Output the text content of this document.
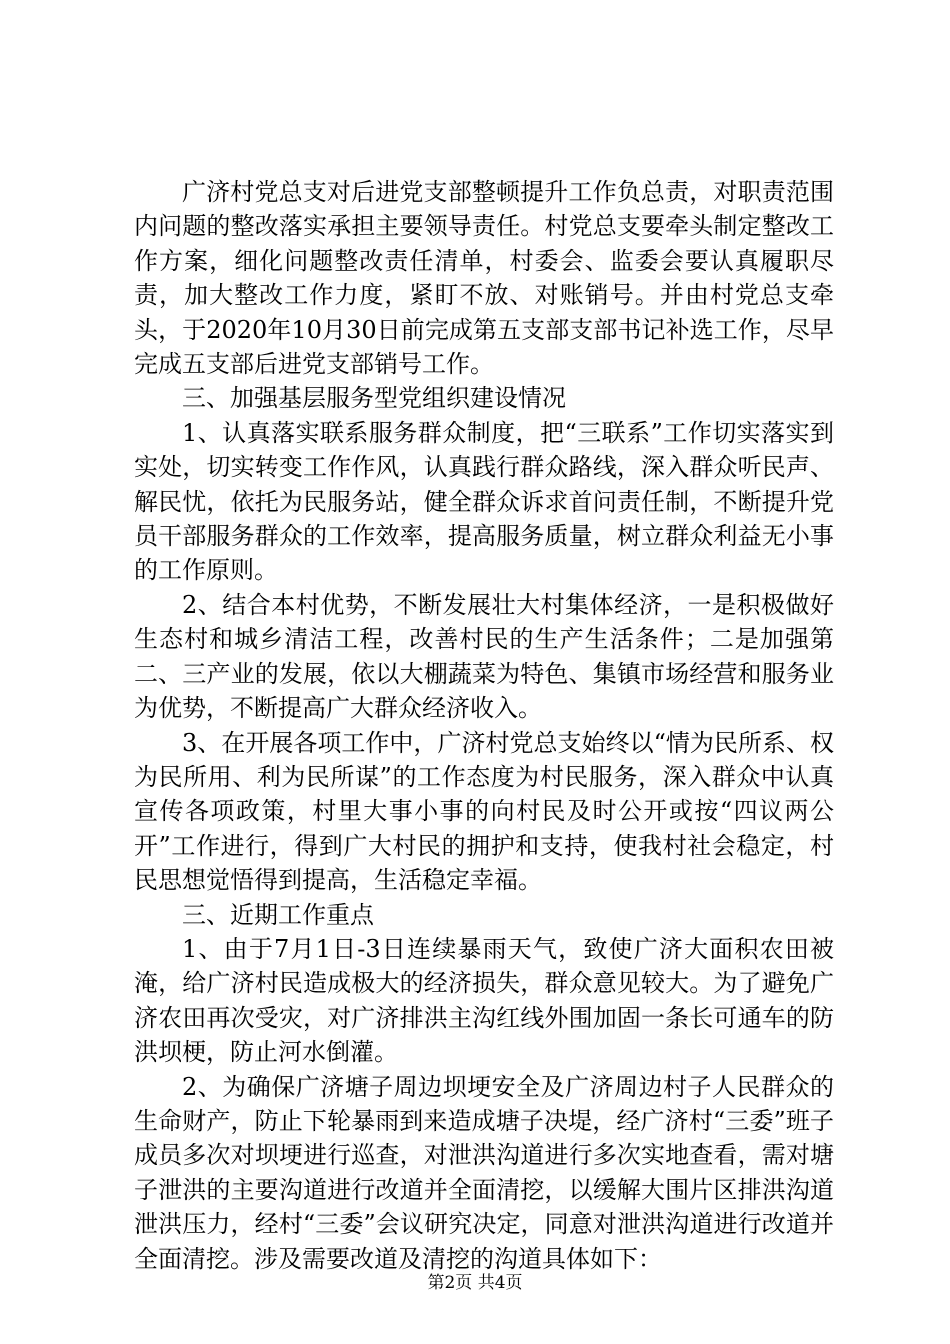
广济村党总支对后进党支部整顿提升工作负总责，对职责范围内问题的整改落实承担主要领导责任。村党总支要牵头制定整改工作方案，细化问题整改责任清单，村委会、监委会要认真履职尽责，加大整改工作力度，紧盯不放、对账销号。并由村党总支牵头，于2020年10月30日前完成第五支部支部书记补选工作，尽早完成五支部后进党支部销号工作。

三、加强基层服务型党组织建设情况

1、认真落实联系服务群众制度，把“三联系”工作切实落实到实处，切实转变工作作风，认真践行群众路线，深入群众听民声、解民忧，依托为民服务站，健全群众诉求首问责任制，不断提升党员干部服务群众的工作效率，提高服务质量，树立群众利益无小事的工作原则。

2、结合本村优势，不断发展壮大村集体经济，一是积极做好生态村和城乡清洁工程，改善村民的生产生活条件；二是加强第二、三产业的发展，依以大棚蔬菜为特色、集镇市场经营和服务业为优势，不断提高广大群众经济收入。

3、在开展各项工作中，广济村党总支始终以“情为民所系、权为民所用、利为民所谋”的工作态度为村民服务，深入群众中认真宣传各项政策，村里大事小事的向村民及时公开或按“四议两公开”工作进行，得到广大村民的拥护和支持，使我村社会稳定，村民思想觉悟得到提高，生活稳定幸福。

三、近期工作重点

1、由于7月1日-3日连续暴雨天气，致使广济大面积农田被淹，给广济村民造成极大的经济损失，群众意见较大。为了避免广济农田再次受灾，对广济排洪主沟红线外围加固一条长可通车的防洪坝梗，防止河水倒灌。

2、为确保广济塘子周边坝埂安全及广济周边村子人民群众的生命财产，防止下轮暴雨到来造成塘子决堤，经广济村“三委”班子成员多次对坝埂进行巡查，对泄洪沟道进行多次实地查看，需对塘子泄洪的主要沟道进行改道并全面清挖，以缓解大围片区排洪沟道泄洪压力，经村“三委”会议研究决定，同意对泄洪沟道进行改道并全面清挖。涉及需要改道及清挖的沟道具体如下：

第2页 共4页
